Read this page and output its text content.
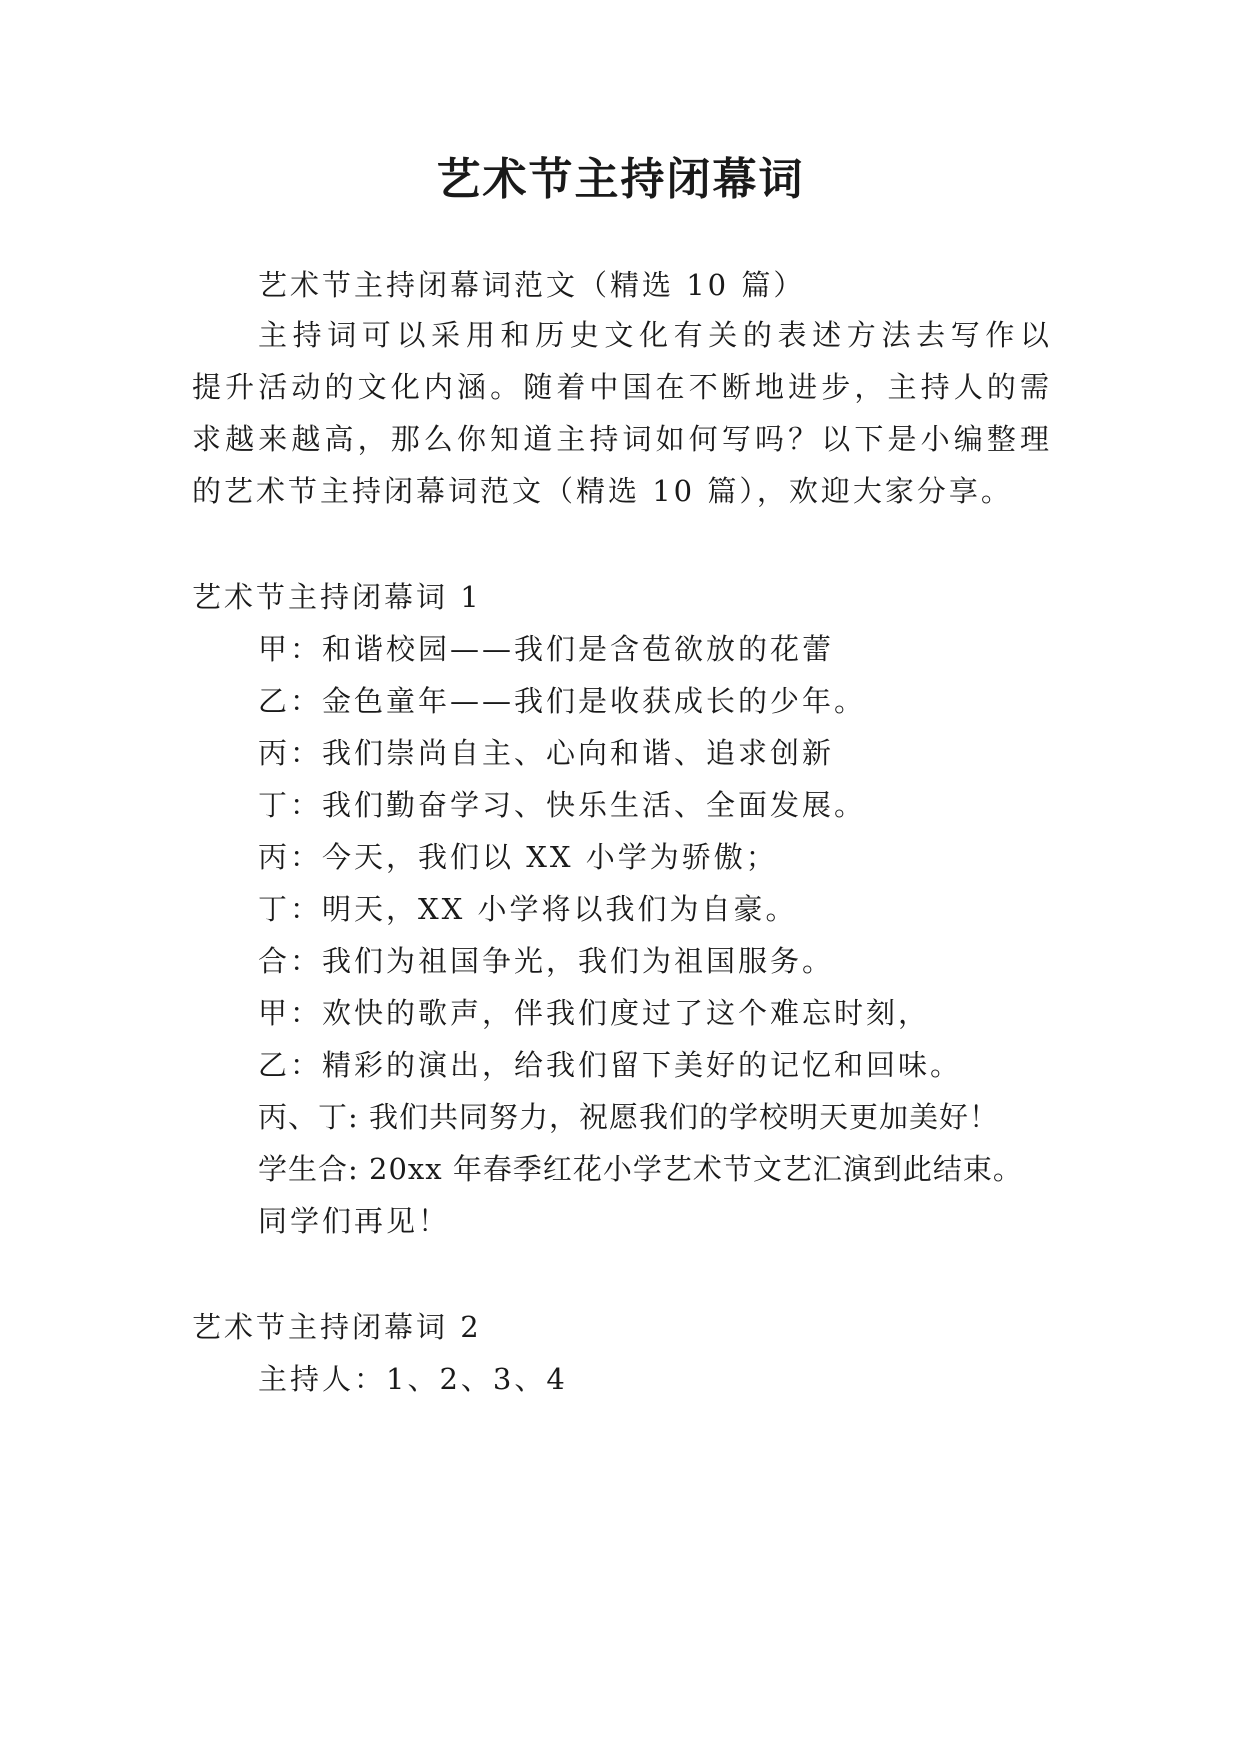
艺术节主持闭幕词
艺术节主持闭幕词范文（精选 10 篇）
主持词可以采用和历史文化有关的表述方法去写作以
提升活动的文化内涵。随着中国在不断地进步，主持人的需
求越来越高，那么你知道主持词如何写吗？以下是小编整理
的艺术节主持闭幕词范文（精选 10 篇），欢迎大家分享。
艺术节主持闭幕词 1
甲：和谐校园——我们是含苞欲放的花蕾
乙：金色童年——我们是收获成长的少年。
丙：我们崇尚自主、心向和谐、追求创新
丁：我们勤奋学习、快乐生活、全面发展。
丙：今天，我们以 XX 小学为骄傲；
丁：明天，XX 小学将以我们为自豪。
合：我们为祖国争光，我们为祖国服务。
甲：欢快的歌声，伴我们度过了这个难忘时刻，
乙：精彩的演出，给我们留下美好的记忆和回味。
丙、丁: 我们共同努力，祝愿我们的学校明天更加美好！
学生合: 20xx 年春季红花小学艺术节文艺汇演到此结束。
同学们再见！
艺术节主持闭幕词 2
主持人：1、2、3、4
